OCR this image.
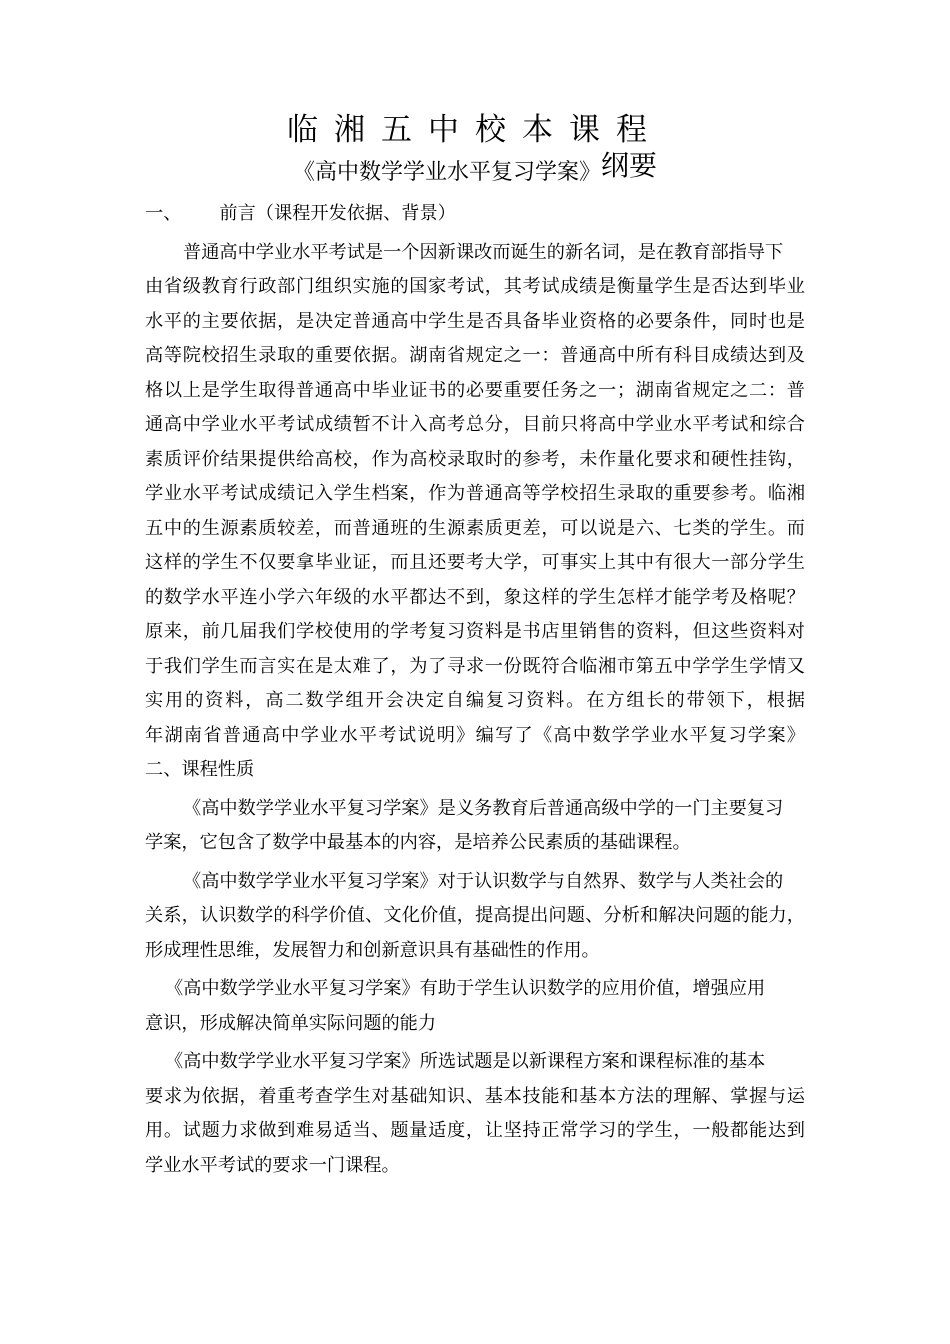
临湘五中校本课程
《高中数学学业水平复习学案》纲要
一、 前言（课程开发依据、背景）
普通高中学业水平考试是一个因新课改而诞生的新名词，是在教育部指导下
由省级教育行政部门组织实施的国家考试，其考试成绩是衡量学生是否达到毕业
水平的主要依据，是决定普通高中学生是否具备毕业资格的必要条件，同时也是
高等院校招生录取的重要依据。湖南省规定之一：普通高中所有科目成绩达到及
格以上是学生取得普通高中毕业证书的必要重要任务之一；湖南省规定之二：普
通高中学业水平考试成绩暂不计入高考总分，目前只将高中学业水平考试和综合
素质评价结果提供给高校，作为高校录取时的参考，未作量化要求和硬性挂钩，
学业水平考试成绩记入学生档案，作为普通高等学校招生录取的重要参考。临湘
五中的生源素质较差，而普通班的生源素质更差，可以说是六、七类的学生。而
这样的学生不仅要拿毕业证，而且还要考大学，可事实上其中有很大一部分学生
的数学水平连小学六年级的水平都达不到，象这样的学生怎样才能学考及格呢？
原来，前几届我们学校使用的学考复习资料是书店里销售的资料，但这些资料对
于我们学生而言实在是太难了，为了寻求一份既符合临湘市第五中学学生学情又
实用的资料，高二数学组开会决定自编复习资料。在方组长的带领下，根据
年湖南省普通高中学业水平考试说明》编写了《高中数学学业水平复习学案》
二、课程性质
《高中数学学业水平复习学案》是义务教育后普通高级中学的一门主要复习
学案，它包含了数学中最基本的内容，是培养公民素质的基础课程。
《高中数学学业水平复习学案》对于认识数学与自然界、数学与人类社会的
关系，认识数学的科学价值、文化价值，提高提出问题、分析和解决问题的能力，
形成理性思维，发展智力和创新意识具有基础性的作用。
《高中数学学业水平复习学案》有助于学生认识数学的应用价值，增强应用
意识，形成解决简单实际问题的能力
《高中数学学业水平复习学案》所选试题是以新课程方案和课程标准的基本
要求为依据，着重考查学生对基础知识、基本技能和基本方法的理解、掌握与运
用。试题力求做到难易适当、题量适度，让坚持正常学习的学生，一般都能达到
学业水平考试的要求一门课程。
